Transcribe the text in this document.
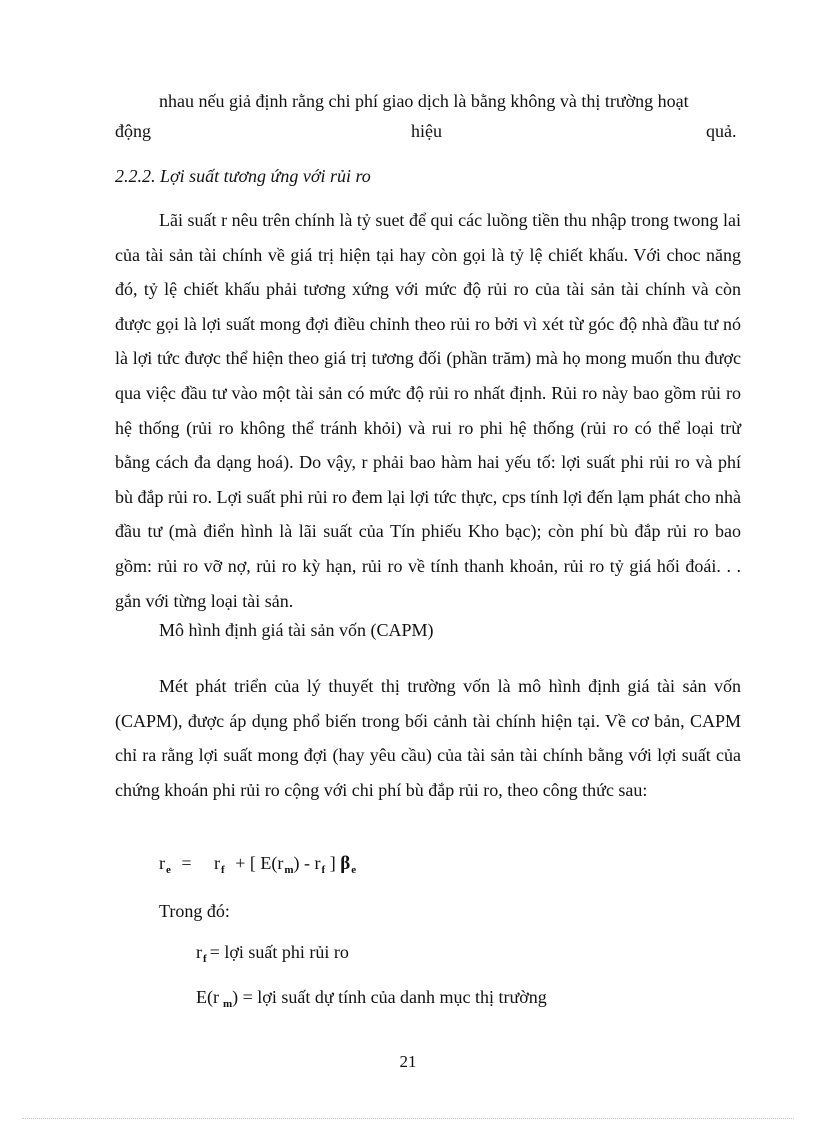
nhau nếu giả định rằng chi phí giao dịch là bằng không và thị trường hoạt

động	hiệu	quả.
2.2.2. Lợi suất tương ứng với rủi ro

Lãi suất r nêu trên chính là tỷ suet để qui các luồng tiền thu nhập trong twong lai của tài sản tài chính về giá trị hiện tại hay còn gọi là tỷ lệ chiết khấu. Với choc năng đó, tỷ lệ chiết khấu phải tương xứng với mức độ rủi ro của tài sản tài chính và còn được gọi là lợi suất mong đợi điều chỉnh theo rủi ro bởi vì xét từ góc độ nhà đầu tư nó là lợi tức được thể hiện theo giá trị tương đối (phần trăm) mà họ mong muốn thu được qua việc đầu tư vào một tài sản có mức độ rủi ro nhất định. Rủi ro này bao gồm rủi ro hệ thống (rủi ro không thể tránh khỏi) và rui ro phi hệ thống (rủi ro có thể loại trừ bằng cách đa dạng hoá). Do vậy, r phải bao hàm hai yếu tố: lợi suất phi rủi ro và phí bù đắp rủi ro. Lợi suất phi rủi ro đem lại lợi tức thực, cps tính lợi đến lạm phát cho nhà đầu tư (mà điển hình là lãi suất của Tín phiếu Kho bạc); còn phí bù đắp rủi ro bao gồm: rủi ro vỡ nợ, rủi ro kỳ hạn, rủi ro về tính thanh khoản, rủi ro tỷ giá hối đoái. . . gắn với từng loại tài sản.

Mô hình định giá tài sản vốn (CAPM)

Mét phát triển của lý thuyết thị trường vốn là mô hình định giá tài sản vốn (CAPM), được áp dụng phổ biến trong bối cảnh tài chính hiện tại. Về cơ bản, CAPM chỉ ra rằng lợi suất mong đợi (hay yêu cầu) của tài sản tài chính bằng với lợi suất của chứng khoán phi rủi ro cộng với chi phí bù đắp rủi ro, theo công thức sau:

$r_e = r_f$ + [ $E(r_m) - r_f$ ] $\beta_e$
Trong đó:
$r_f$ = lợi suất phi rủi ro
E(r $_m$) = lợi suất dự tính của danh mục thị trường
21
